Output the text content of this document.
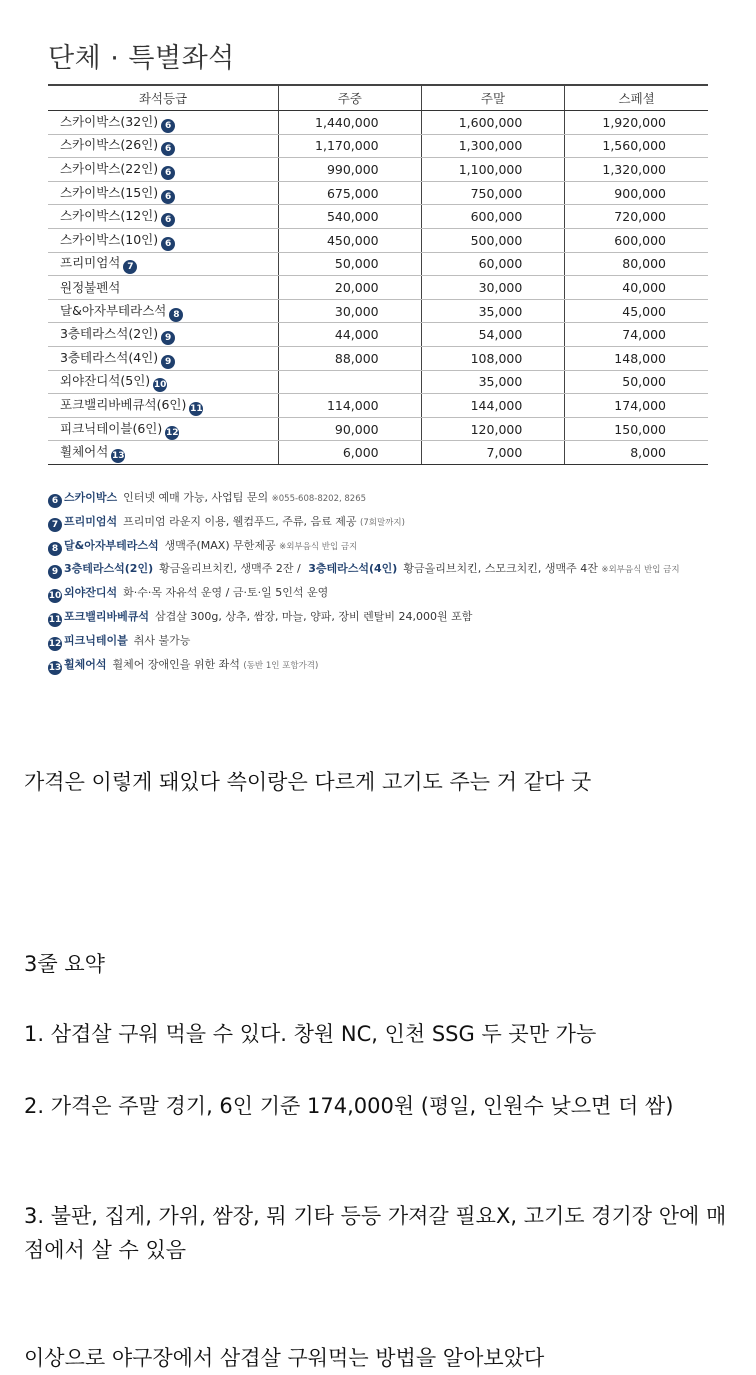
단체 · 특별좌석
좌석등급	주중	주말	스페셜
스카이박스(32인) 6	1,440,000	1,600,000	1,920,000
스카이박스(26인) 6	1,170,000	1,300,000	1,560,000
스카이박스(22인) 6	990,000	1,100,000	1,320,000
스카이박스(15인) 6	675,000	750,000	900,000
스카이박스(12인) 6	540,000	600,000	720,000
스카이박스(10인) 6	450,000	500,000	600,000
프리미엄석 7	50,000	60,000	80,000
원정불펜석	20,000	30,000	40,000
달&아자부테라스석 8	30,000	35,000	45,000
3층테라스석(2인) 9	44,000	54,000	74,000
3층테라스석(4인) 9	88,000	108,000	148,000
외야잔디석(5인) 10		35,000	50,000
포크밸리바베큐석(6인) 11	114,000	144,000	174,000
피크닉테이블(6인) 12	90,000	120,000	150,000
휠체어석 13	6,000	7,000	8,000
6 스카이박스 인터넷 예매 가능, 사업팀 문의 ※055-608-8202, 8265
7 프리미엄석 프리미엄 라운지 이용, 웰컴푸드, 주류, 음료 제공 (7회말까지)
8 달&아자부테라스석 생맥주(MAX) 무한제공 ※외부음식 반입 금지
9 3층테라스석(2인) 황금올리브치킨, 생맥주 2잔 / 3층테라스석(4인) 황금올리브치킨, 스모크치킨, 생맥주 4잔 ※외부음식 반입 금지
10 외야잔디석 화·수·목 자유석 운영 / 금·토·일 5인석 운영
11 포크밸리바베큐석 삼겹살 300g, 상추, 쌈장, 마늘, 양파, 장비 렌탈비 24,000원 포함
12 피크닉테이블 취사 불가능
13 휠체어석 휠체어 장애인을 위한 좌석 (동반 1인 포함가격)
가격은 이렇게 돼있다 쓱이랑은 다르게 고기도 주는 거 같다 굿
3줄 요약
1. 삼겹살 구워 먹을 수 있다. 창원 NC, 인천 SSG 두 곳만 가능
2. 가격은 주말 경기, 6인 기준 174,000원 (평일, 인원수 낮으면 더 쌈)
3. 불판, 집게, 가위, 쌈장, 뭐 기타 등등 가져갈 필요X, 고기도 경기장 안에 매점에서 살 수 있음
이상으로 야구장에서 삼겹살 구워먹는 방법을 알아보았다
